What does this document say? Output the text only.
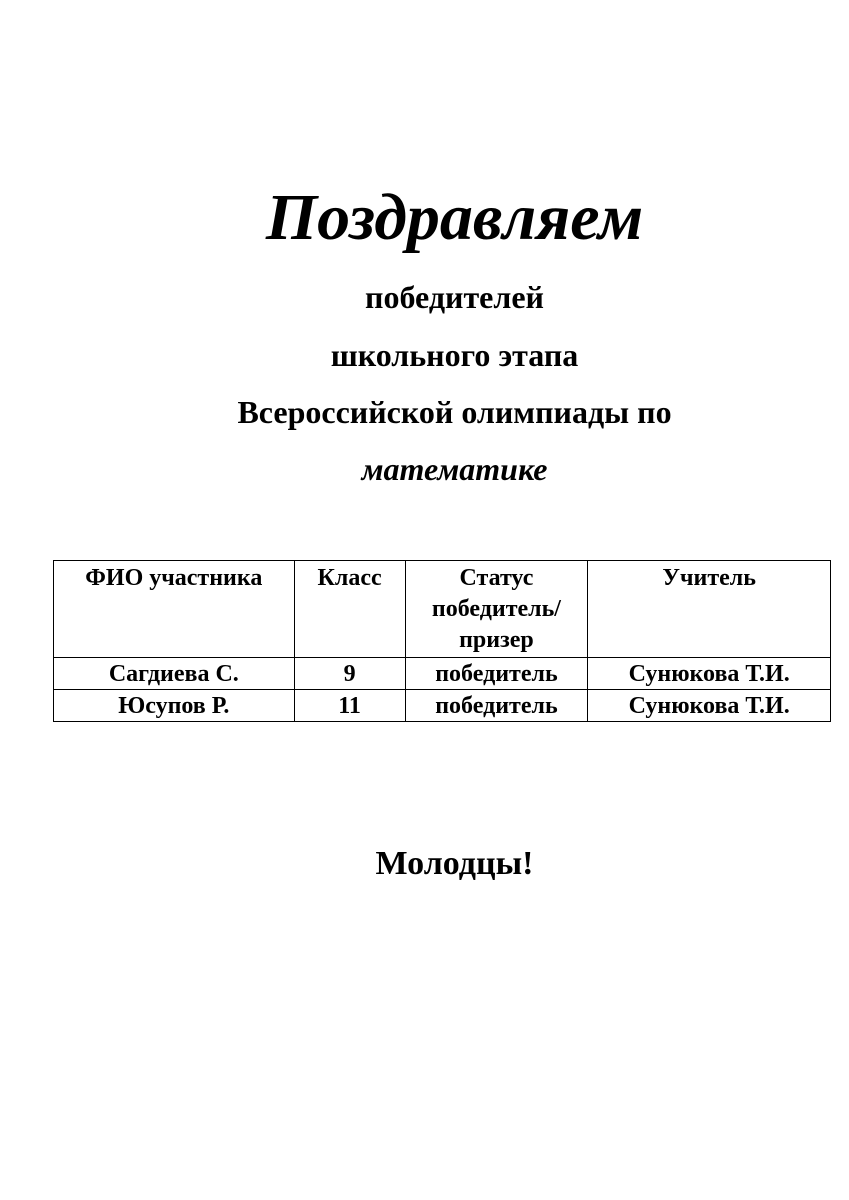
Поздравляем

победителей

школьного этапа

Всероссийской олимпиады по

математике

ФИО участника	Класс	Статус победитель/ призер	Учитель
Сагдиева С.	9	победитель	Сунюкова Т.И.
Юсупов Р.	11	победитель	Сунюкова Т.И.

Молодцы!
